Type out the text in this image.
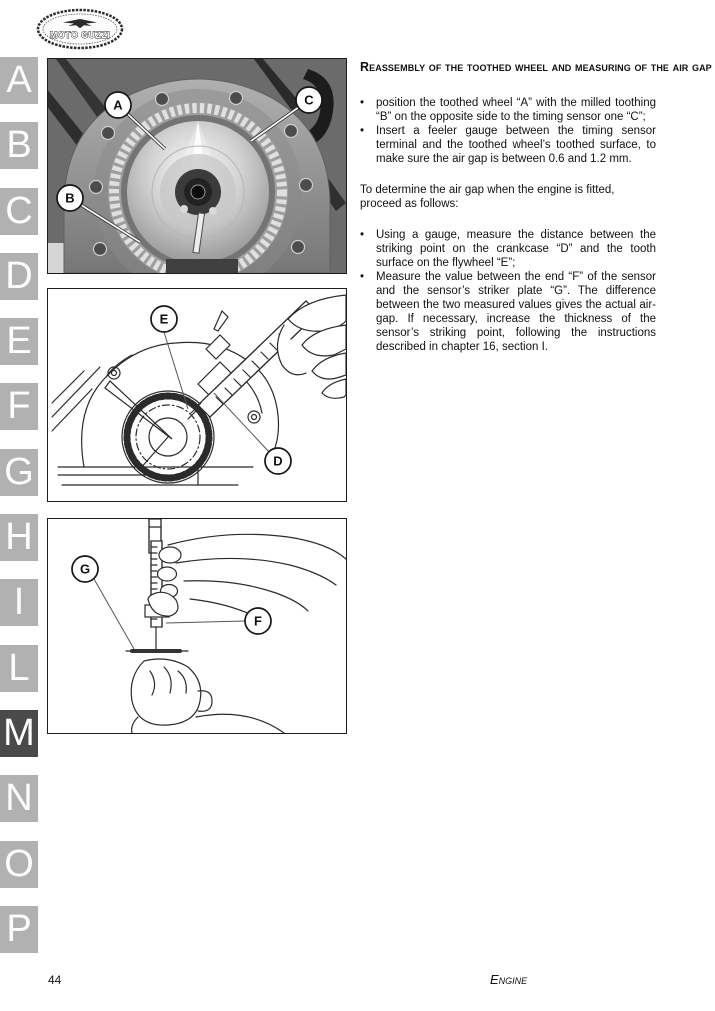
MOTO GUZZI
A
B
C
D
E
F
G
H
I
L
M
N
O
P
A
B
C
E
D
G
F
Reassembly of the toothed wheel and measuring of the air gap
•	position the toothed wheel “A” with the milled toothing “B” on the opposite side to the timing sensor one “C”;
•	Insert a feeler gauge between the timing sensor terminal and the toothed wheel’s toothed surface, to make sure the air gap is between 0.6 and 1.2 mm.

To determine the air gap when the engine is fitted, proceed as follows:

•	Using a gauge, measure the distance between the striking point on the crankcase “D” and the tooth surface on the flywheel “E”;
•	Measure the value between the end “F” of the sensor and the sensor’s striker plate “G”. The difference between the two measured values gives the actual air-gap. If necessary, increase the thickness of the sensor’s striking point, following the instructions described in chapter 16, section I.
44	Engine
